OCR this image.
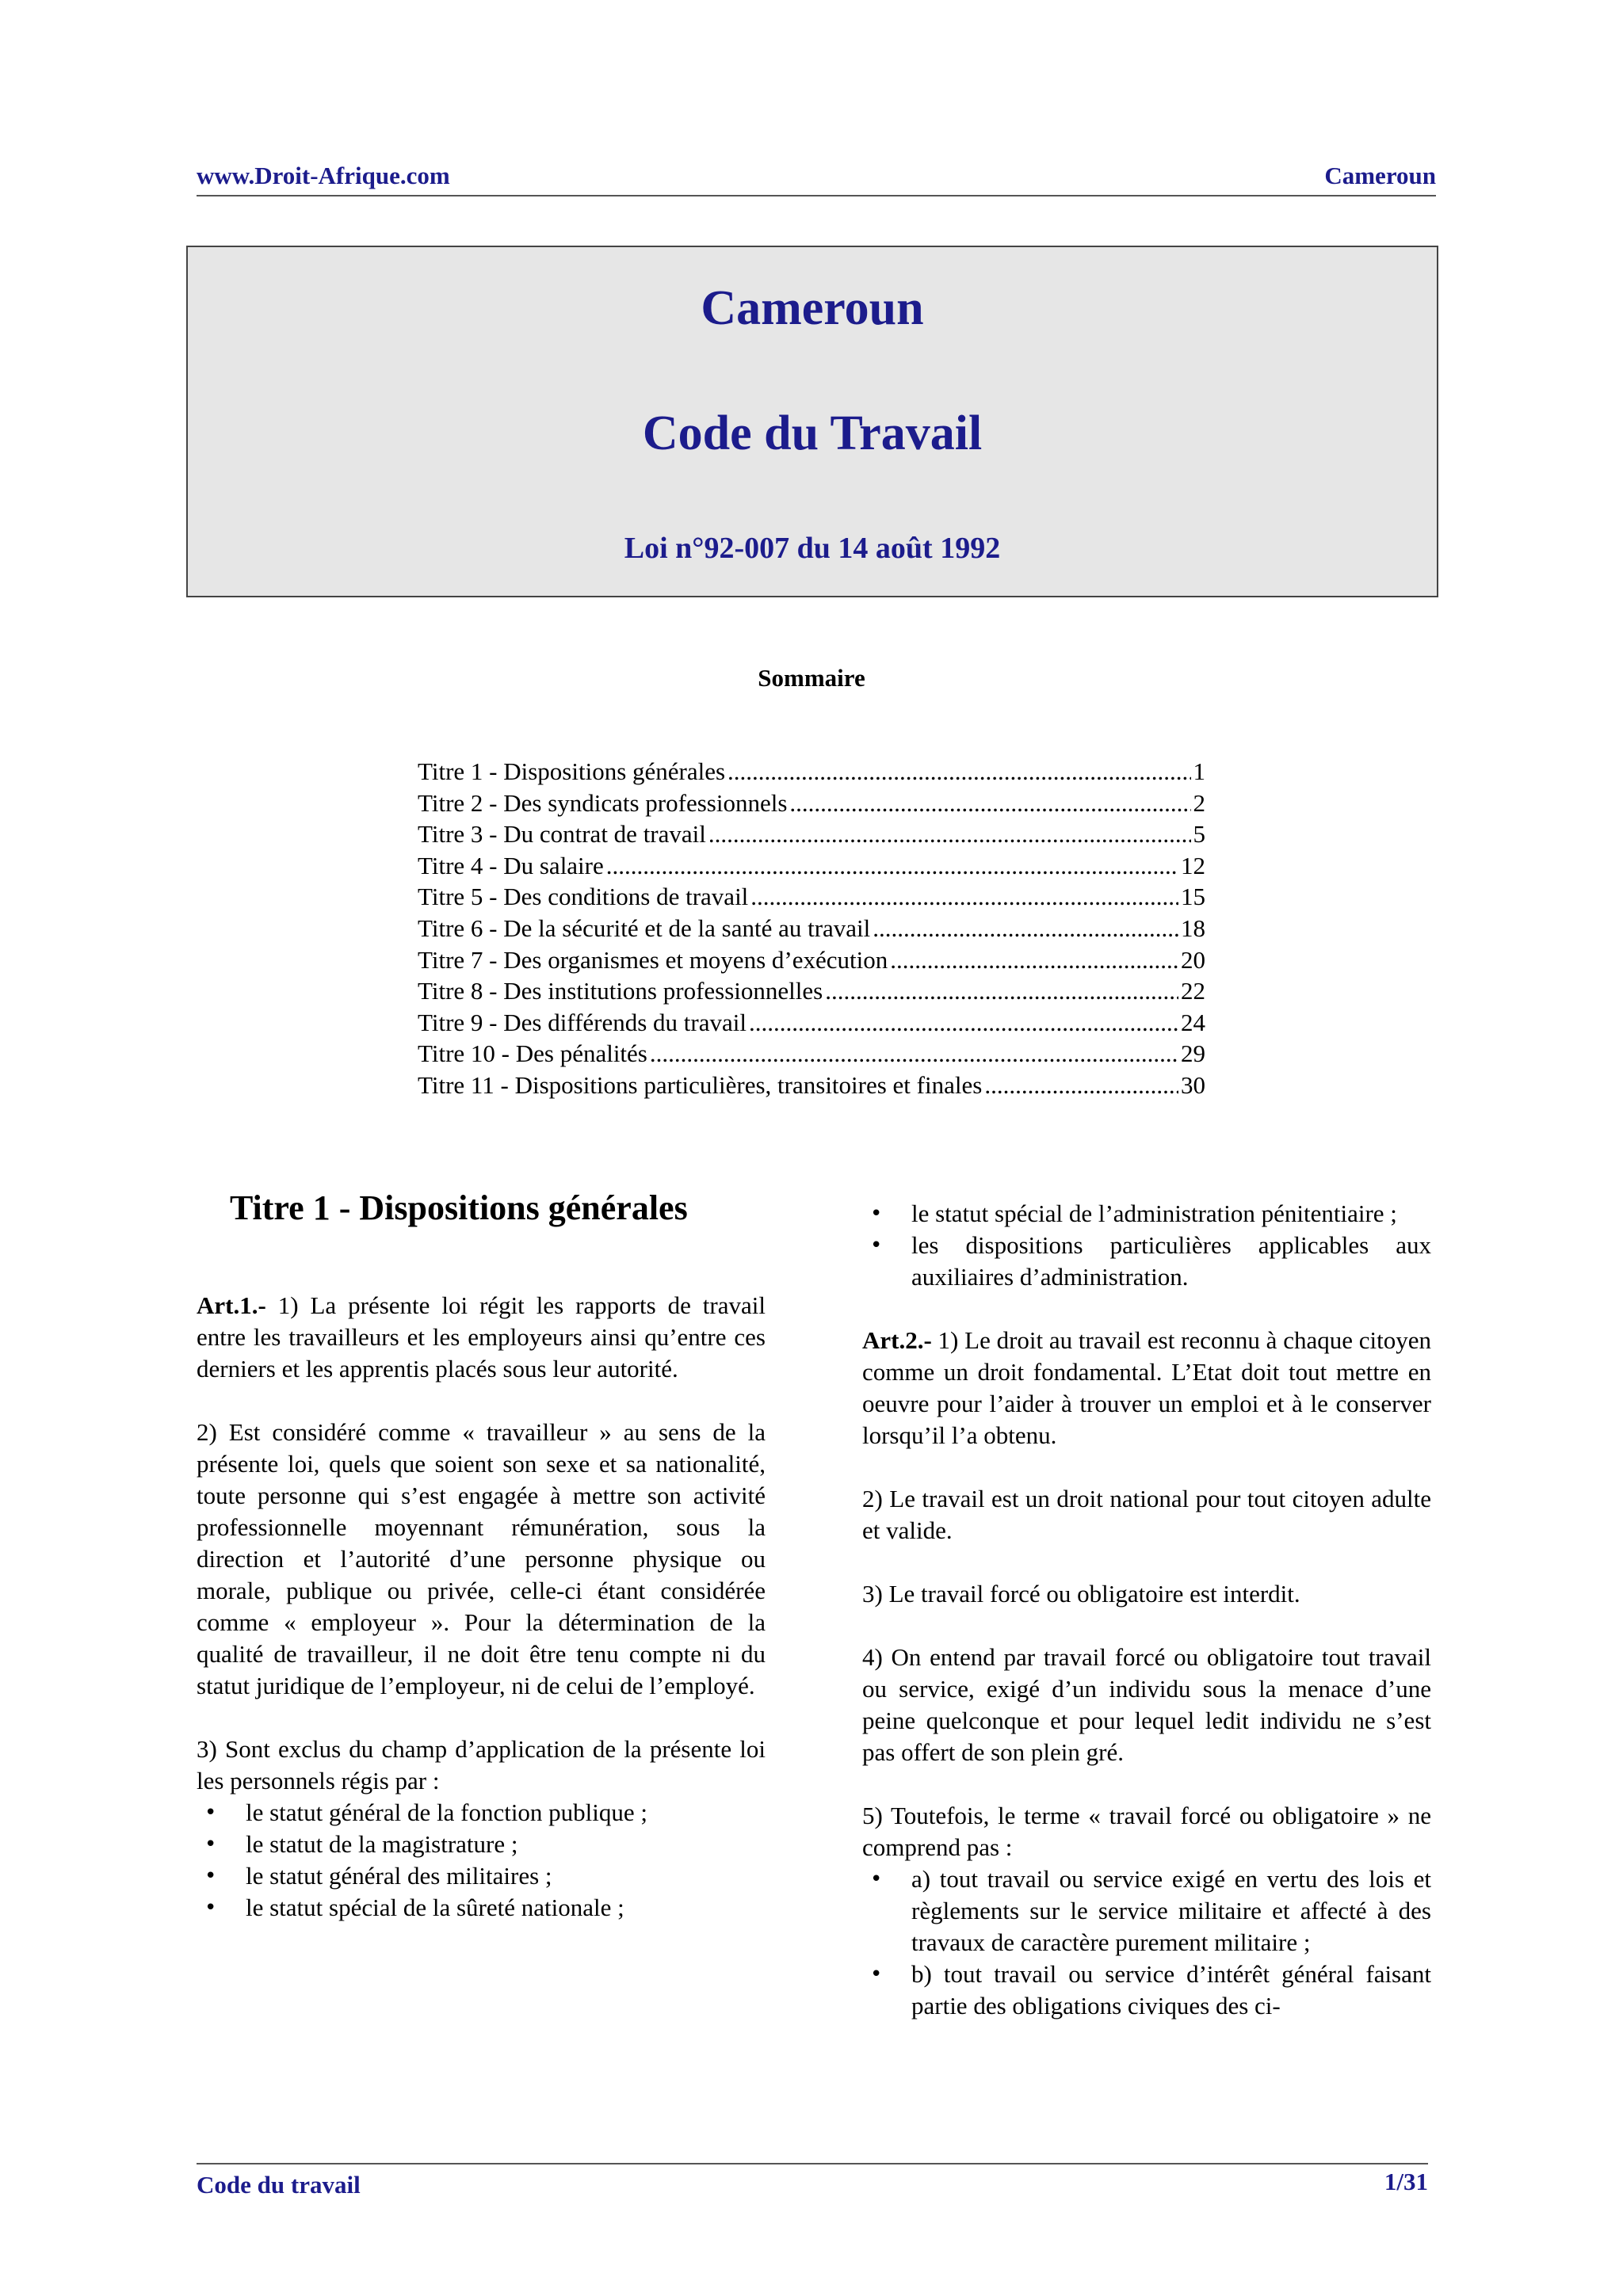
www.Droit-Afrique.com	Cameroun
Cameroun
Code du Travail
Loi n°92-007 du 14 août 1992
Sommaire
Titre 1 - Dispositions générales .....	1
Titre 2 - Des syndicats professionnels .....	2
Titre 3 - Du contrat de travail .....	5
Titre 4 - Du salaire .....	12
Titre 5 - Des conditions de travail .....	15
Titre 6 - De la sécurité et de la santé au travail .....	18
Titre 7 - Des organismes et moyens d’exécution .....	20
Titre 8 - Des institutions professionnelles .....	22
Titre 9 - Des différends du travail .....	24
Titre 10 - Des pénalités .....	29
Titre 11 - Dispositions particulières, transitoires et finales .....	30
Titre 1 - Dispositions générales

Art.1.- 1) La présente loi régit les rapports de travail entre les travailleurs et les employeurs ainsi qu’entre ces derniers et les apprentis placés sous leur autorité.

2) Est considéré comme « travailleur » au sens de la présente loi, quels que soient son sexe et sa nationalité, toute personne qui s’est engagée à mettre son activité professionnelle moyennant rémunération, sous la direction et l’autorité d’une personne physique ou morale, publique ou privée, celle-ci étant considérée comme « employeur ». Pour la détermination de la qualité de travailleur, il ne doit être tenu compte ni du statut juridique de l’employeur, ni de celui de l’employé.

3) Sont exclus du champ d’application de la présente loi les personnels régis par :

• le statut général de la fonction publique ;
• le statut de la magistrature ;
• le statut général des militaires ;
• le statut spécial de la sûreté nationale ;
• le statut spécial de l’administration pénitentiaire ;
• les dispositions particulières applicables aux auxiliaires d’administration.

Art.2.- 1) Le droit au travail est reconnu à chaque citoyen comme un droit fondamental. L’Etat doit tout mettre en oeuvre pour l’aider à trouver un emploi et à le conserver lorsqu’il l’a obtenu.

2) Le travail est un droit national pour tout citoyen adulte et valide.

3) Le travail forcé ou obligatoire est interdit.

4) On entend par travail forcé ou obligatoire tout travail ou service, exigé d’un individu sous la menace d’une peine quelconque et pour lequel ledit individu ne s’est pas offert de son plein gré.

5) Toutefois, le terme « travail forcé ou obligatoire » ne comprend pas :

• a) tout travail ou service exigé en vertu des lois et règlements sur le service militaire et affecté à des travaux de caractère purement militaire ;
• b) tout travail ou service d’intérêt général faisant partie des obligations civiques des ci-
Code du travail	1/31
